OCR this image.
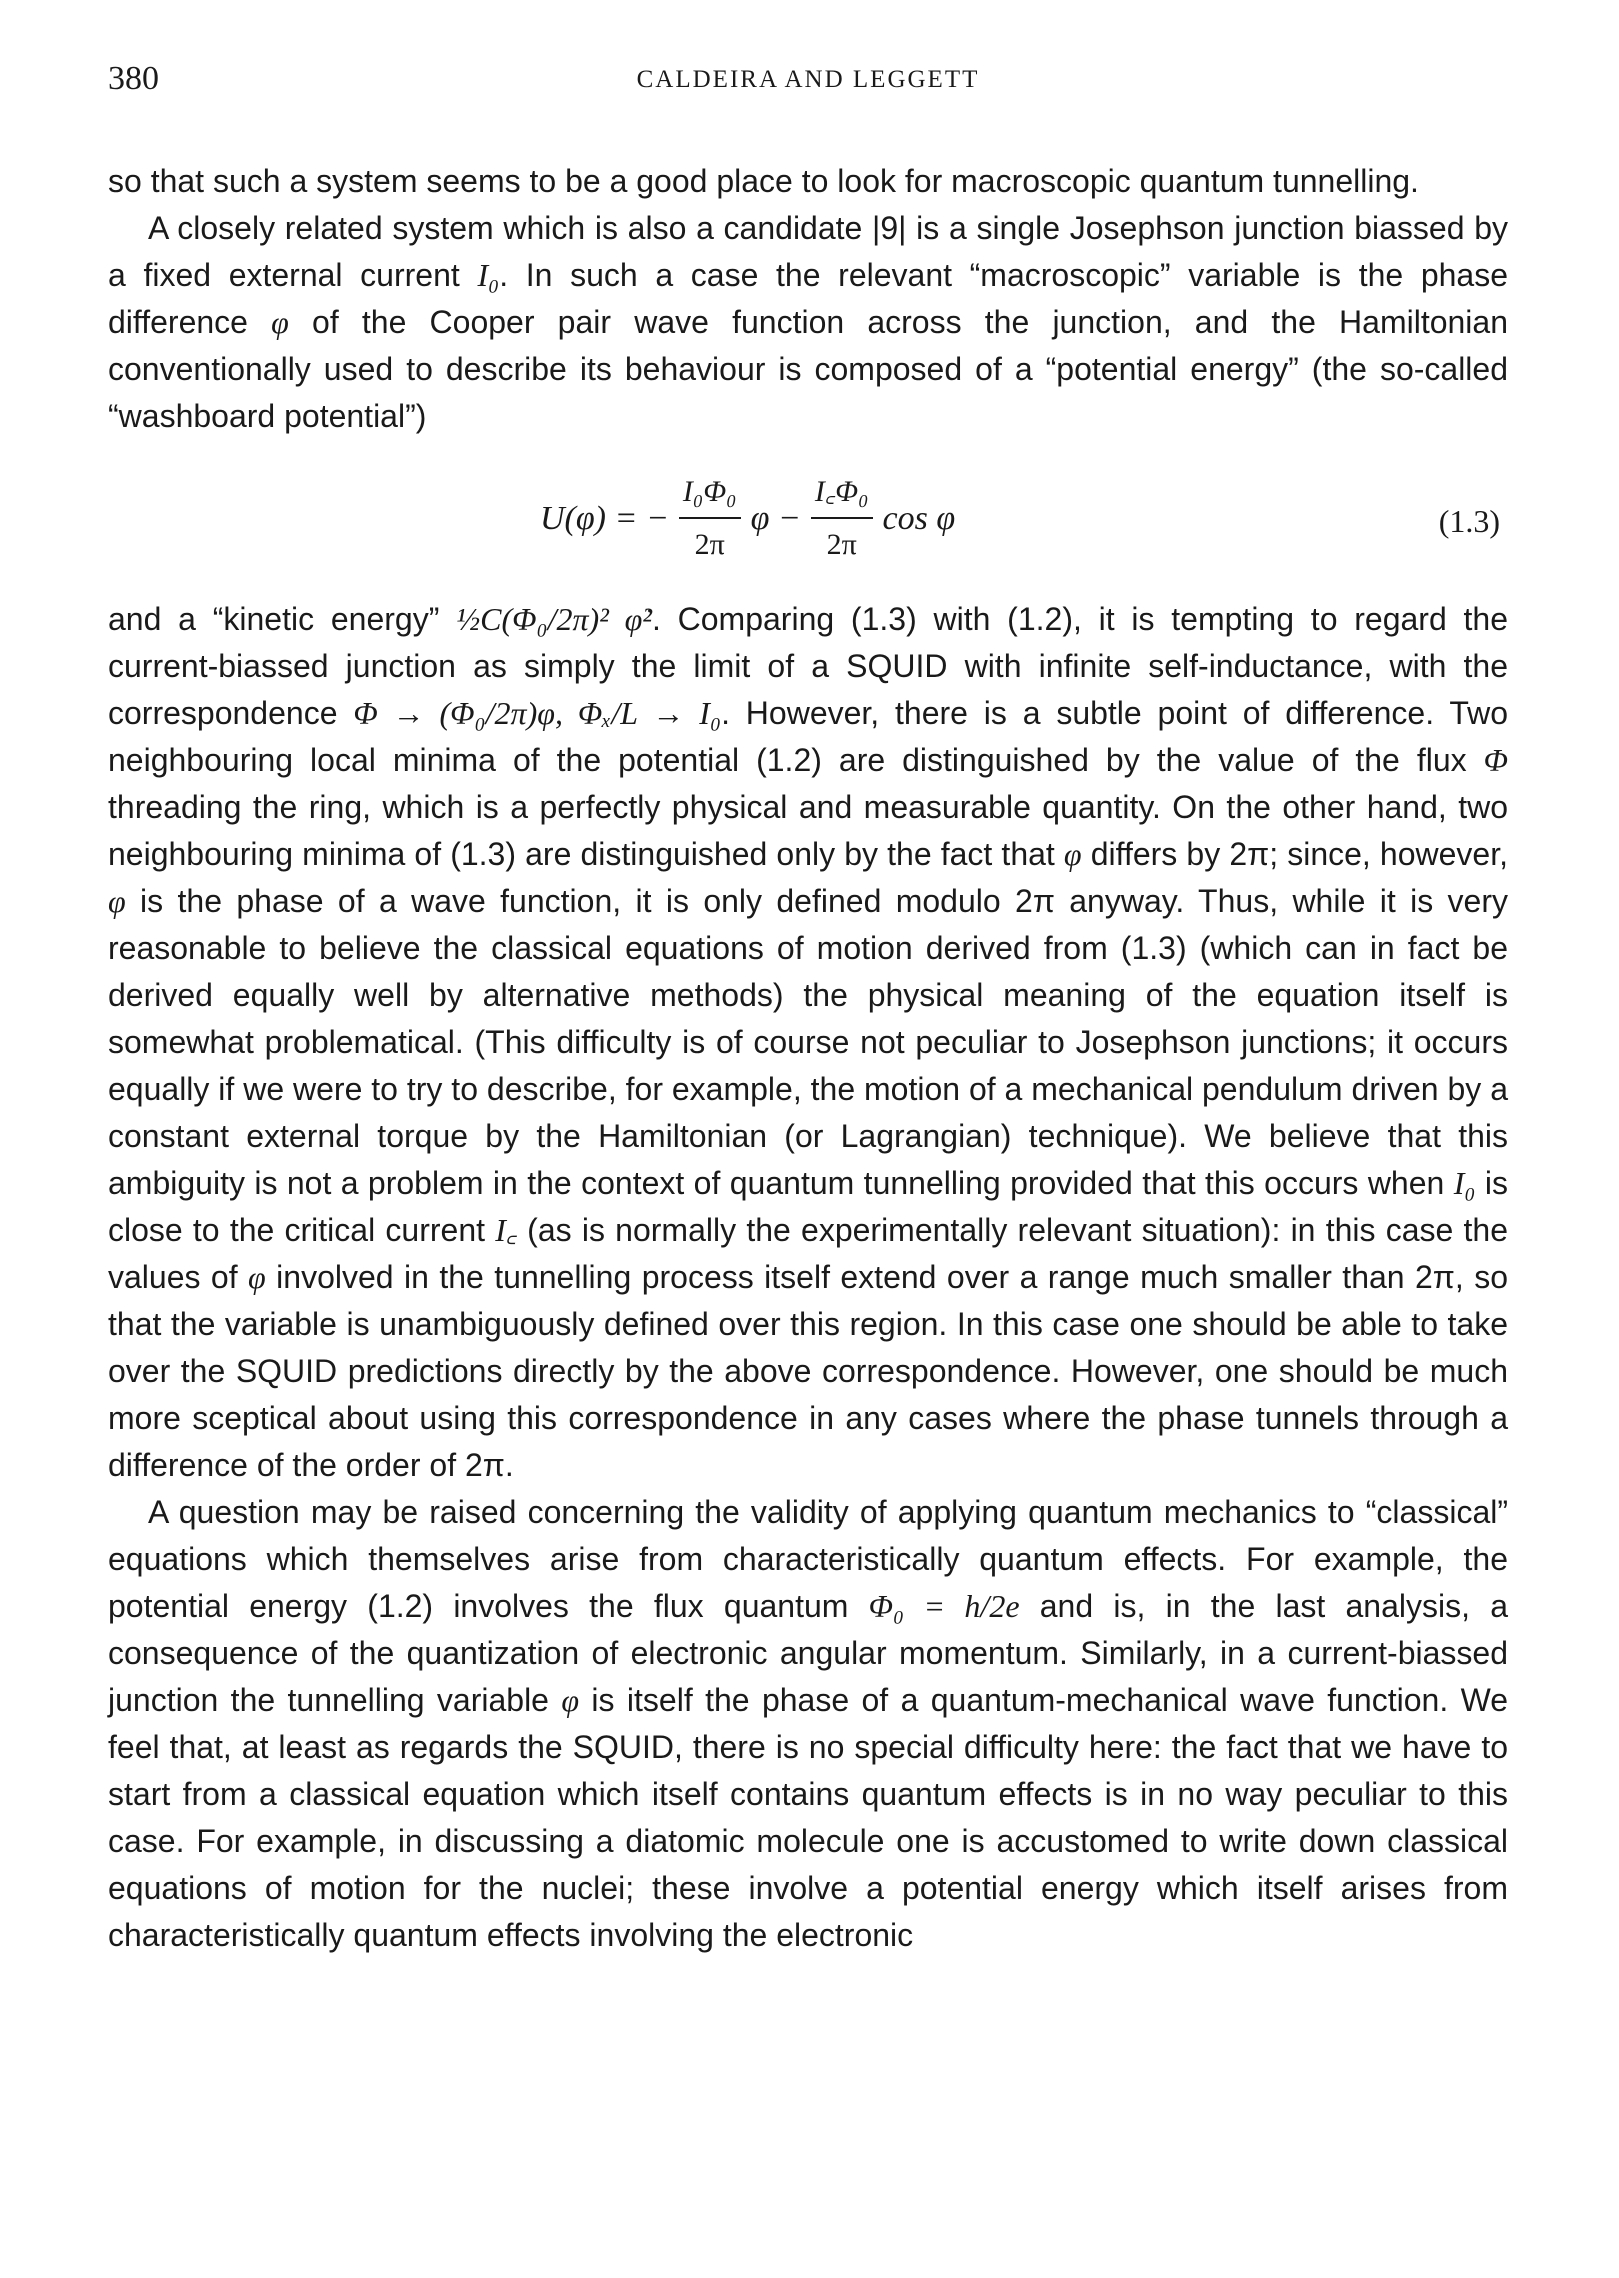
380	CALDEIRA AND LEGGETT

so that such a system seems to be a good place to look for macroscopic quantum tunnelling.

A closely related system which is also a candidate |9| is a single Josephson junction biassed by a fixed external current I₀. In such a case the relevant “macroscopic” variable is the phase difference φ of the Cooper pair wave function across the junction, and the Hamiltonian conventionally used to describe its behaviour is composed of a “potential energy” (the so-called “washboard potential”)

U(φ) = − $\frac{\text{I₀Φ₀}}{2\pi}$ $\varphi - \frac{\text{I꜀Φ₀}}{2\pi}$ cos φ	(1.3)

and a “kinetic energy” ½C(Φ₀/2π)² φ̇². Comparing (1.3) with (1.2), it is tempting to regard the current-biassed junction as simply the limit of a SQUID with infinite self-inductance, with the correspondence Φ → (Φ₀/2π)φ, Φₓ/L → I₀. However, there is a subtle point of difference. Two neighbouring local minima of the potential (1.2) are distinguished by the value of the flux Φ threading the ring, which is a perfectly physical and measurable quantity. On the other hand, two neighbouring minima of (1.3) are distinguished only by the fact that φ differs by 2π; since, however, φ is the phase of a wave function, it is only defined modulo 2π anyway. Thus, while it is very reasonable to believe the classical equations of motion derived from (1.3) (which can in fact be derived equally well by alternative methods) the physical meaning of the equation itself is somewhat problematical. (This difficulty is of course not peculiar to Josephson junctions; it occurs equally if we were to try to describe, for example, the motion of a mechanical pendulum driven by a constant external torque by the Hamiltonian (or Lagrangian) technique). We believe that this ambiguity is not a problem in the context of quantum tunnelling provided that this occurs when I₀ is close to the critical current I꜀ (as is normally the experimentally relevant situation): in this case the values of φ involved in the tunnelling process itself extend over a range much smaller than 2π, so that the variable is unambiguously defined over this region. In this case one should be able to take over the SQUID predictions directly by the above correspondence. However, one should be much more sceptical about using this correspondence in any cases where the phase tunnels through a difference of the order of 2π.

A question may be raised concerning the validity of applying quantum mechanics to “classical” equations which themselves arise from characteristically quantum effects. For example, the potential energy (1.2) involves the flux quantum Φ₀ = h/2e and is, in the last analysis, a consequence of the quantization of electronic angular momentum. Similarly, in a current-biassed junction the tunnelling variable φ is itself the phase of a quantum-mechanical wave function. We feel that, at least as regards the SQUID, there is no special difficulty here: the fact that we have to start from a classical equation which itself contains quantum effects is in no way peculiar to this case. For example, in discussing a diatomic molecule one is accustomed to write down classical equations of motion for the nuclei; these involve a potential energy which itself arises from characteristically quantum effects involving the electronic
